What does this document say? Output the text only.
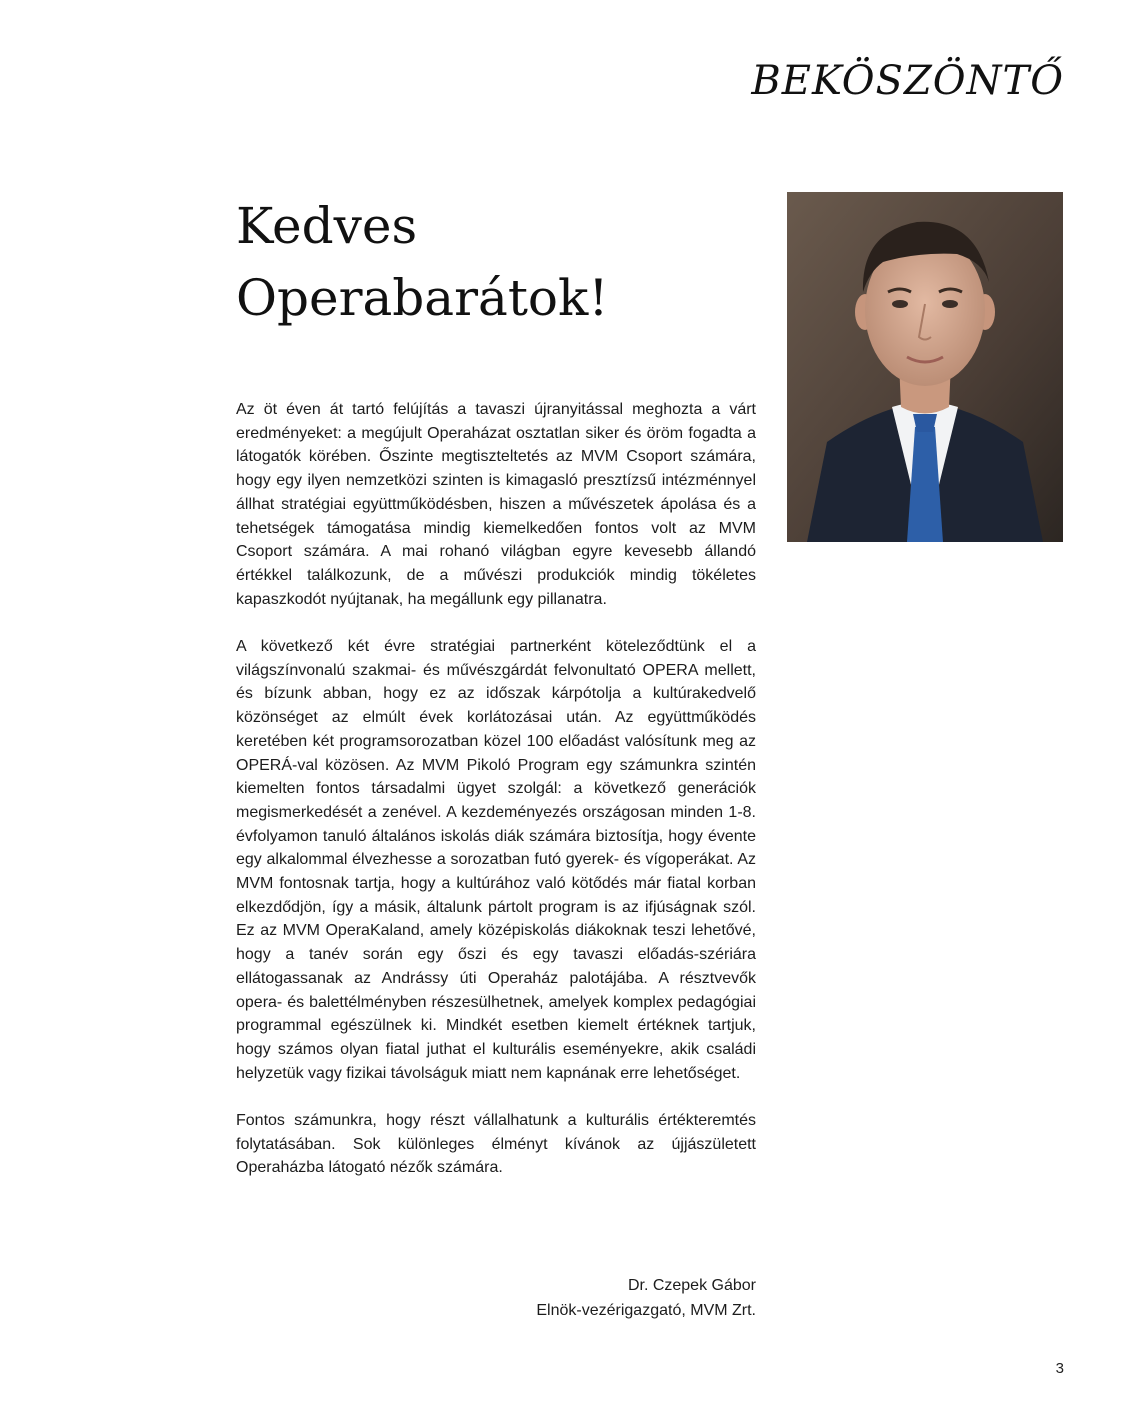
BEKÖSZÖNTŐ
Kedves
Operabarátok!

Az öt éven át tartó felújítás a tavaszi újranyitással meghozta a várt eredményeket: a megújult Operaházat osztatlan siker és öröm fogadta a látogatók körében. Őszinte megtiszteltetés az MVM Csoport számára, hogy egy ilyen nemzetközi szinten is kimagasló presztízsű intézménnyel állhat stratégiai együttműködésben, hiszen a művészetek ápolása és a tehetségek támogatása mindig kiemelkedően fontos volt az MVM Csoport számára. A mai rohanó világban egyre kevesebb állandó értékkel találkozunk, de a művészi produkciók mindig tökéletes kapaszkodót nyújtanak, ha megállunk egy pillanatra.

A következő két évre stratégiai partnerként köteleződtünk el a világszínvonalú szakmai- és művészgárdát felvonultató OPERA mellett, és bízunk abban, hogy ez az időszak kárpótolja a kultúrakedvelő közönséget az elmúlt évek korlátozásai után. Az együttműködés keretében két programsorozatban közel 100 előadást valósítunk meg az OPERÁ-val közösen. Az MVM Pikoló Program egy számunkra szintén kiemelten fontos társadalmi ügyet szolgál: a következő generációk megismerkedését a zenével. A kezdeményezés országosan minden 1-8. évfolyamon tanuló általános iskolás diák számára biztosítja, hogy évente egy alkalommal élvezhesse a sorozatban futó gyerek- és vígoperákat. Az MVM fontosnak tartja, hogy a kultúrához való kötődés már fiatal korban elkezdődjön, így a másik, általunk pártolt program is az ifjúságnak szól. Ez az MVM OperaKaland, amely középiskolás diákoknak teszi lehetővé, hogy a tanév során egy őszi és egy tavaszi előadás-szériára ellátogassanak az Andrássy úti Operaház palotájába. A résztvevők opera- és balettélményben részesülhetnek, amelyek komplex pedagógiai programmal egészülnek ki. Mindkét esetben kiemelt értéknek tartjuk, hogy számos olyan fiatal juthat el kulturális eseményekre, akik családi helyzetük vagy fizikai távolságuk miatt nem kapnának erre lehetőséget.

Fontos számunkra, hogy részt vállalhatunk a kulturális értékteremtés folytatásában. Sok különleges élményt kívánok az újjászületett Operaházba látogató nézők számára.

Dr. Czepek Gábor
Elnök-vezérigazgató, MVM Zrt.
3
